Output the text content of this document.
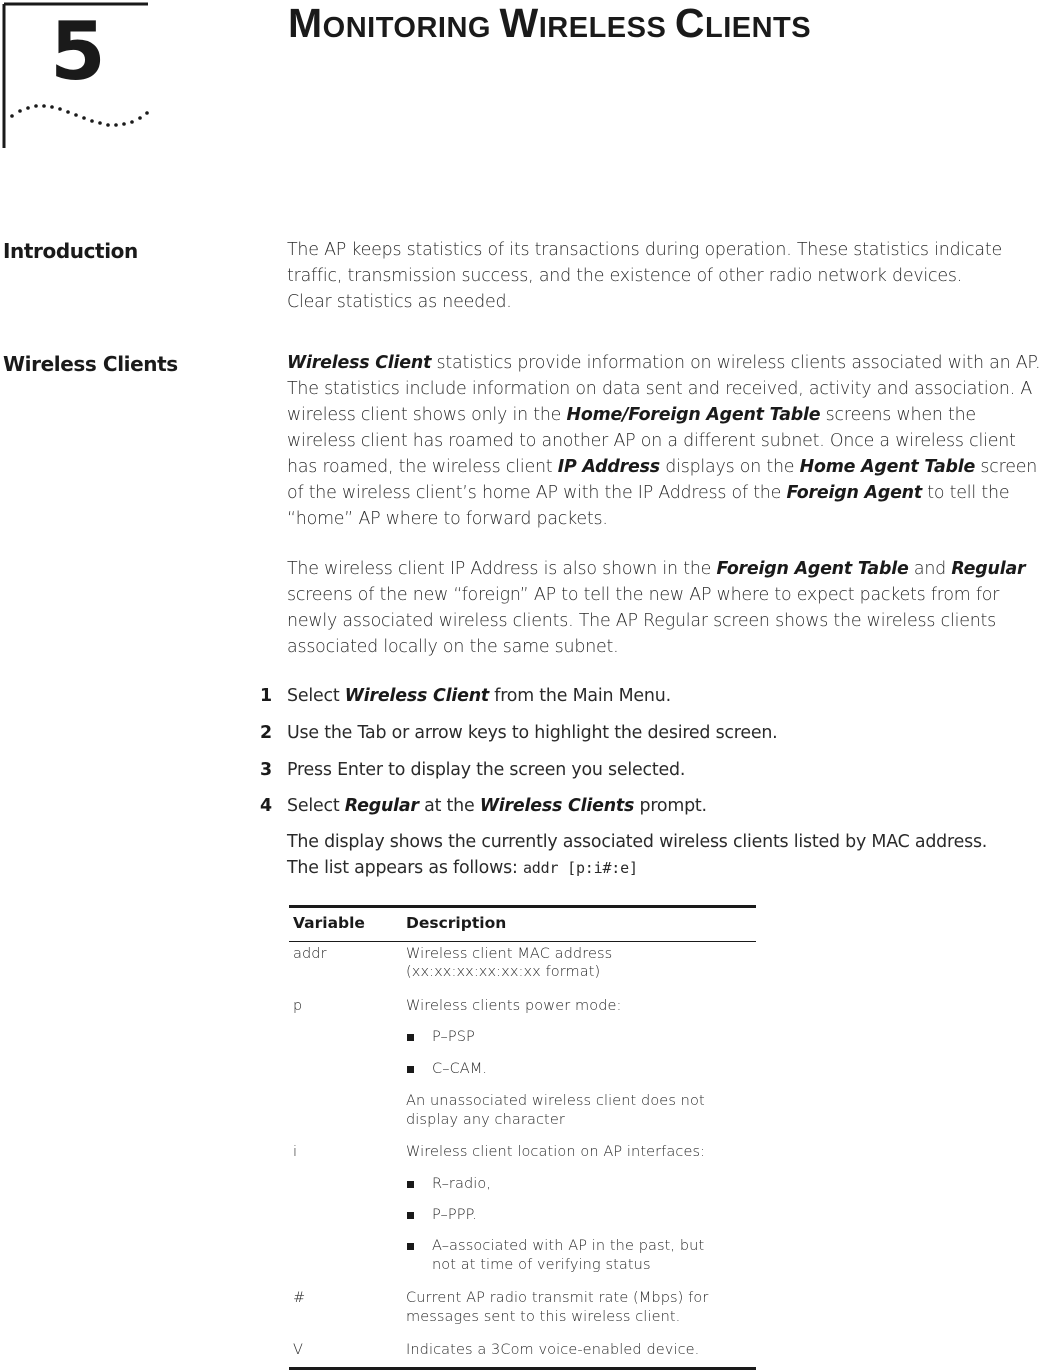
5	MONITORING WIRELESS CLIENTS
Introduction	The AP keeps statistics of its transactions during operation. These statistics indicate
traffic, transmission success, and the existence of other radio network devices.
Clear statistics as needed.
Wireless Clients	Wireless Client statistics provide information on wireless clients associated with an AP. The statistics include information on data sent and received, activity and association. A wireless client shows only in the Home/Foreign Agent Table screens when the wireless client has roamed to another AP on a different subnet. Once a wireless client has roamed, the wireless client IP Address displays on the Home Agent Table screen of the wireless client’s home AP with the IP Address of the Foreign Agent to tell the “home” AP where to forward packets.

The wireless client IP Address is also shown in the Foreign Agent Table and Regular screens of the new “foreign” AP to tell the new AP where to expect packets from for newly associated wireless clients. The AP Regular screen shows the wireless clients associated locally on the same subnet.

1 Select Wireless Client from the Main Menu.
2 Use the Tab or arrow keys to highlight the desired screen.
3 Press Enter to display the screen you selected.
4 Select Regular at the Wireless Clients prompt.
The display shows the currently associated wireless clients listed by MAC address.
The list appears as follows: addr [p:i#:e]
Variable	Description
addr	Wireless client MAC address
(xx:xx:xx:xx:xx:xx format)
p	Wireless clients power mode:
P–PSP
C–CAM.
An unassociated wireless client does not
display any character
i	Wireless client location on AP interfaces:
R–radio,
P–PPP.
A–associated with AP in the past, but
not at time of verifying status
#	Current AP radio transmit rate (Mbps) for
messages sent to this wireless client.
V	Indicates a 3Com voice-enabled device.
